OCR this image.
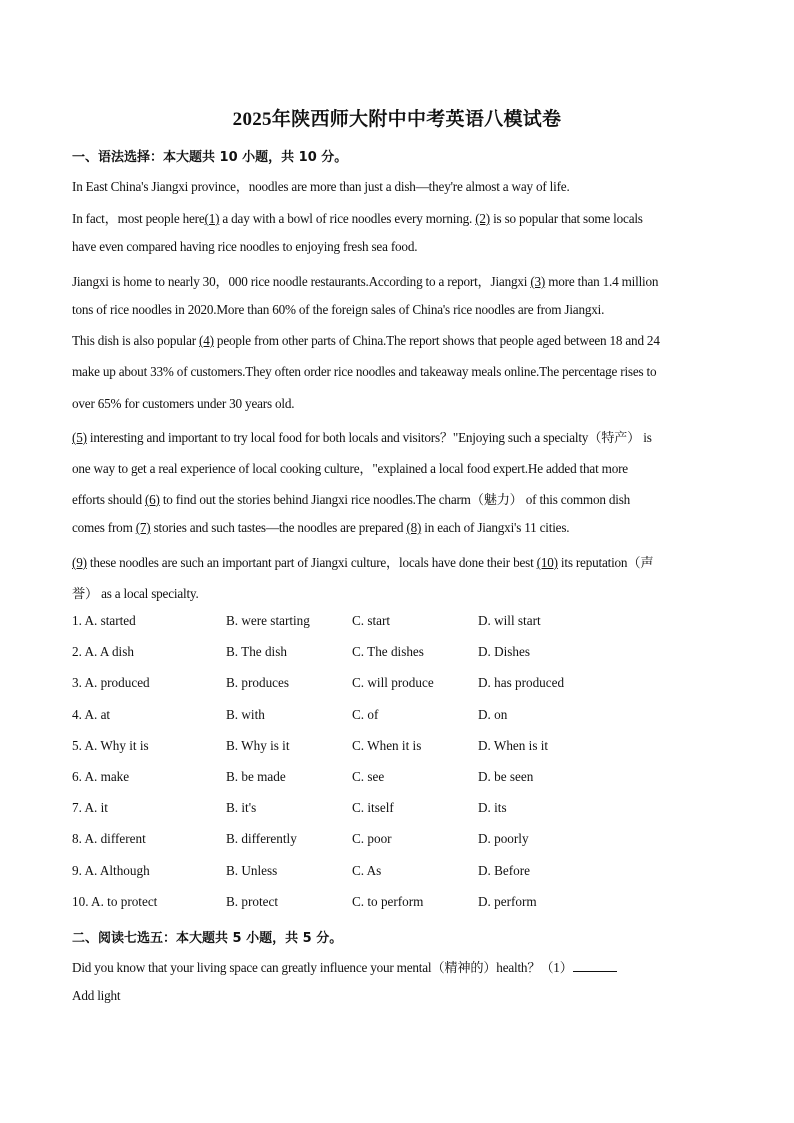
2025年陕西师大附中中考英语八模试卷
一、语法选择：本大题共 10 小题，共 10 分。
In East China's Jiangxi province，noodles are more than just a dish—they're almost a way of life.
In fact，most people here(1) a day with a bowl of rice noodles every morning. (2) is so popular that some locals
have even compared having rice noodles to enjoying fresh sea food.
Jiangxi is home to nearly 30，000 rice noodle restaurants.According to a report，Jiangxi (3) more than 1.4 million
tons of rice noodles in 2020.More than 60% of the foreign sales of China's rice noodles are from Jiangxi.
This dish is also popular (4) people from other parts of China.The report shows that people aged between 18 and 24
make up about 33% of customers.They often order rice noodles and takeaway meals online.The percentage rises to
over 65% for customers under 30 years old.
(5) interesting and important to try local food for both locals and visitors？"Enjoying such a specialty（特产） is
one way to get a real experience of local cooking culture，"explained a local food expert.He added that more
efforts should (6) to find out the stories behind Jiangxi rice noodles.The charm（魅力） of this common dish
comes from (7) stories and such tastes—the noodles are prepared (8) in each of Jiangxi's 11 cities.
(9) these noodles are such an important part of Jiangxi culture，locals have done their best (10) its reputation（声
誉） as a local specialty.
1. A. started	B. were starting	C. start	D. will start
2. A. A dish	B. The dish	C. The dishes	D. Dishes
3. A. produced	B. produces	C. will produce	D. has produced
4. A. at	B. with	C. of	D. on
5. A. Why it is	B. Why is it	C. When it is	D. When is it
6. A. make	B. be made	C. see	D. be seen
7. A. it	B. it's	C. itself	D. its
8. A. different	B. differently	C. poor	D. poorly
9. A. Although	B. Unless	C. As	D. Before
10. A. to protect	B. protect	C. to perform	D. perform
二、阅读七选五：本大题共 5 小题，共 5 分。
Did you know that your living space can greatly influence your mental（精神的）health？（1）
Add light
